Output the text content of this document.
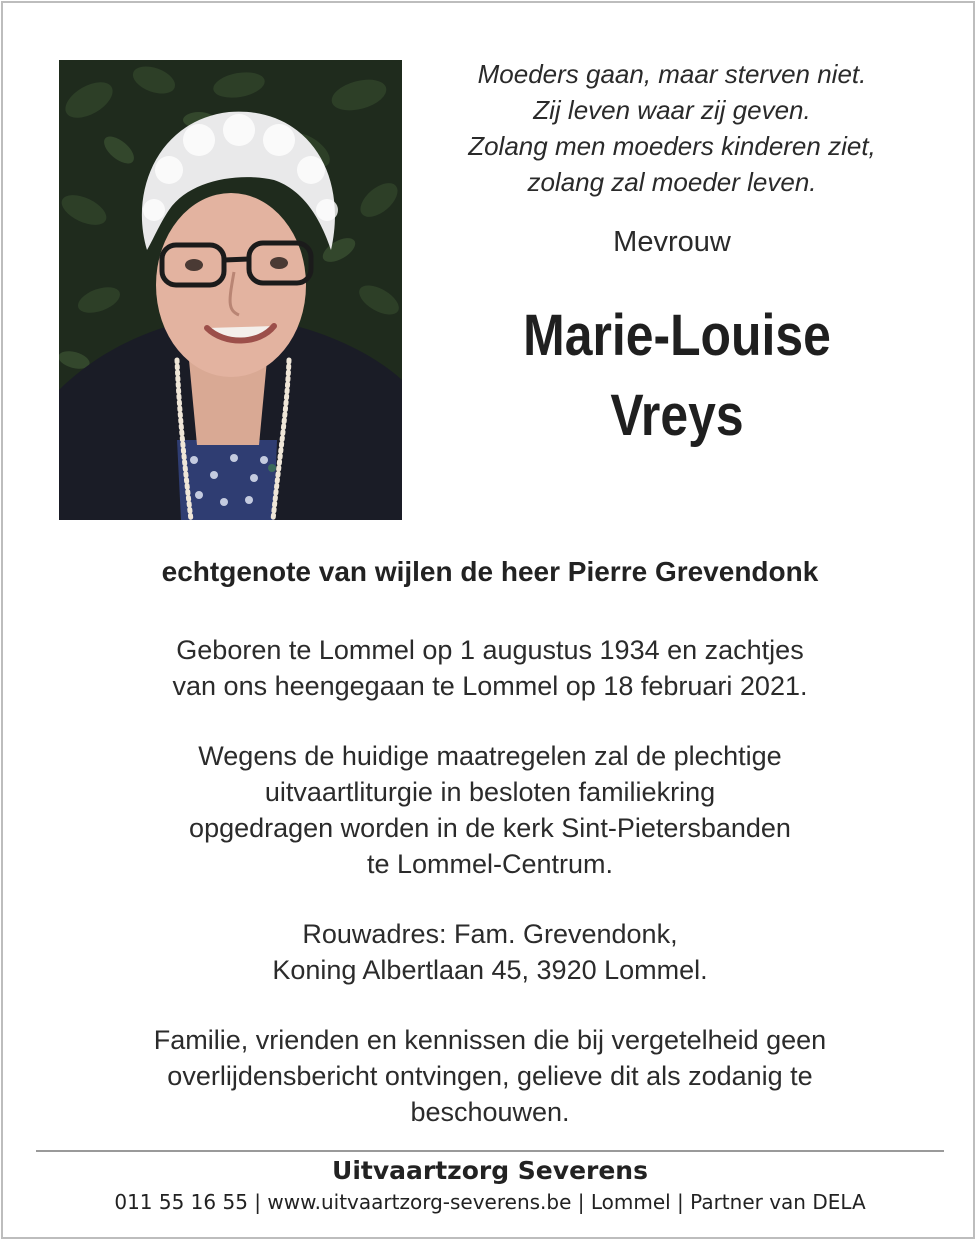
Moeders gaan, maar sterven niet.
Zij leven waar zij geven.
Zolang men moeders kinderen ziet,
zolang zal moeder leven.
Mevrouw
Marie-Louise
Vreys
echtgenote van wijlen de heer Pierre Grevendonk
Geboren te Lommel op 1 augustus 1934 en zachtjes
van ons heengegaan te Lommel op 18 februari 2021.
Wegens de huidige maatregelen zal de plechtige
uitvaartliturgie in besloten familiekring
opgedragen worden in de kerk Sint-Pietersbanden
te Lommel-Centrum.
Rouwadres: Fam. Grevendonk,
Koning Albertlaan 45, 3920 Lommel.
Familie, vrienden en kennissen die bij vergetelheid geen
overlijdensbericht ontvingen, gelieve dit als zodanig te
beschouwen.
Uitvaartzorg Severens
011 55 16 55 | www.uitvaartzorg-severens.be | Lommel | Partner van DELA
